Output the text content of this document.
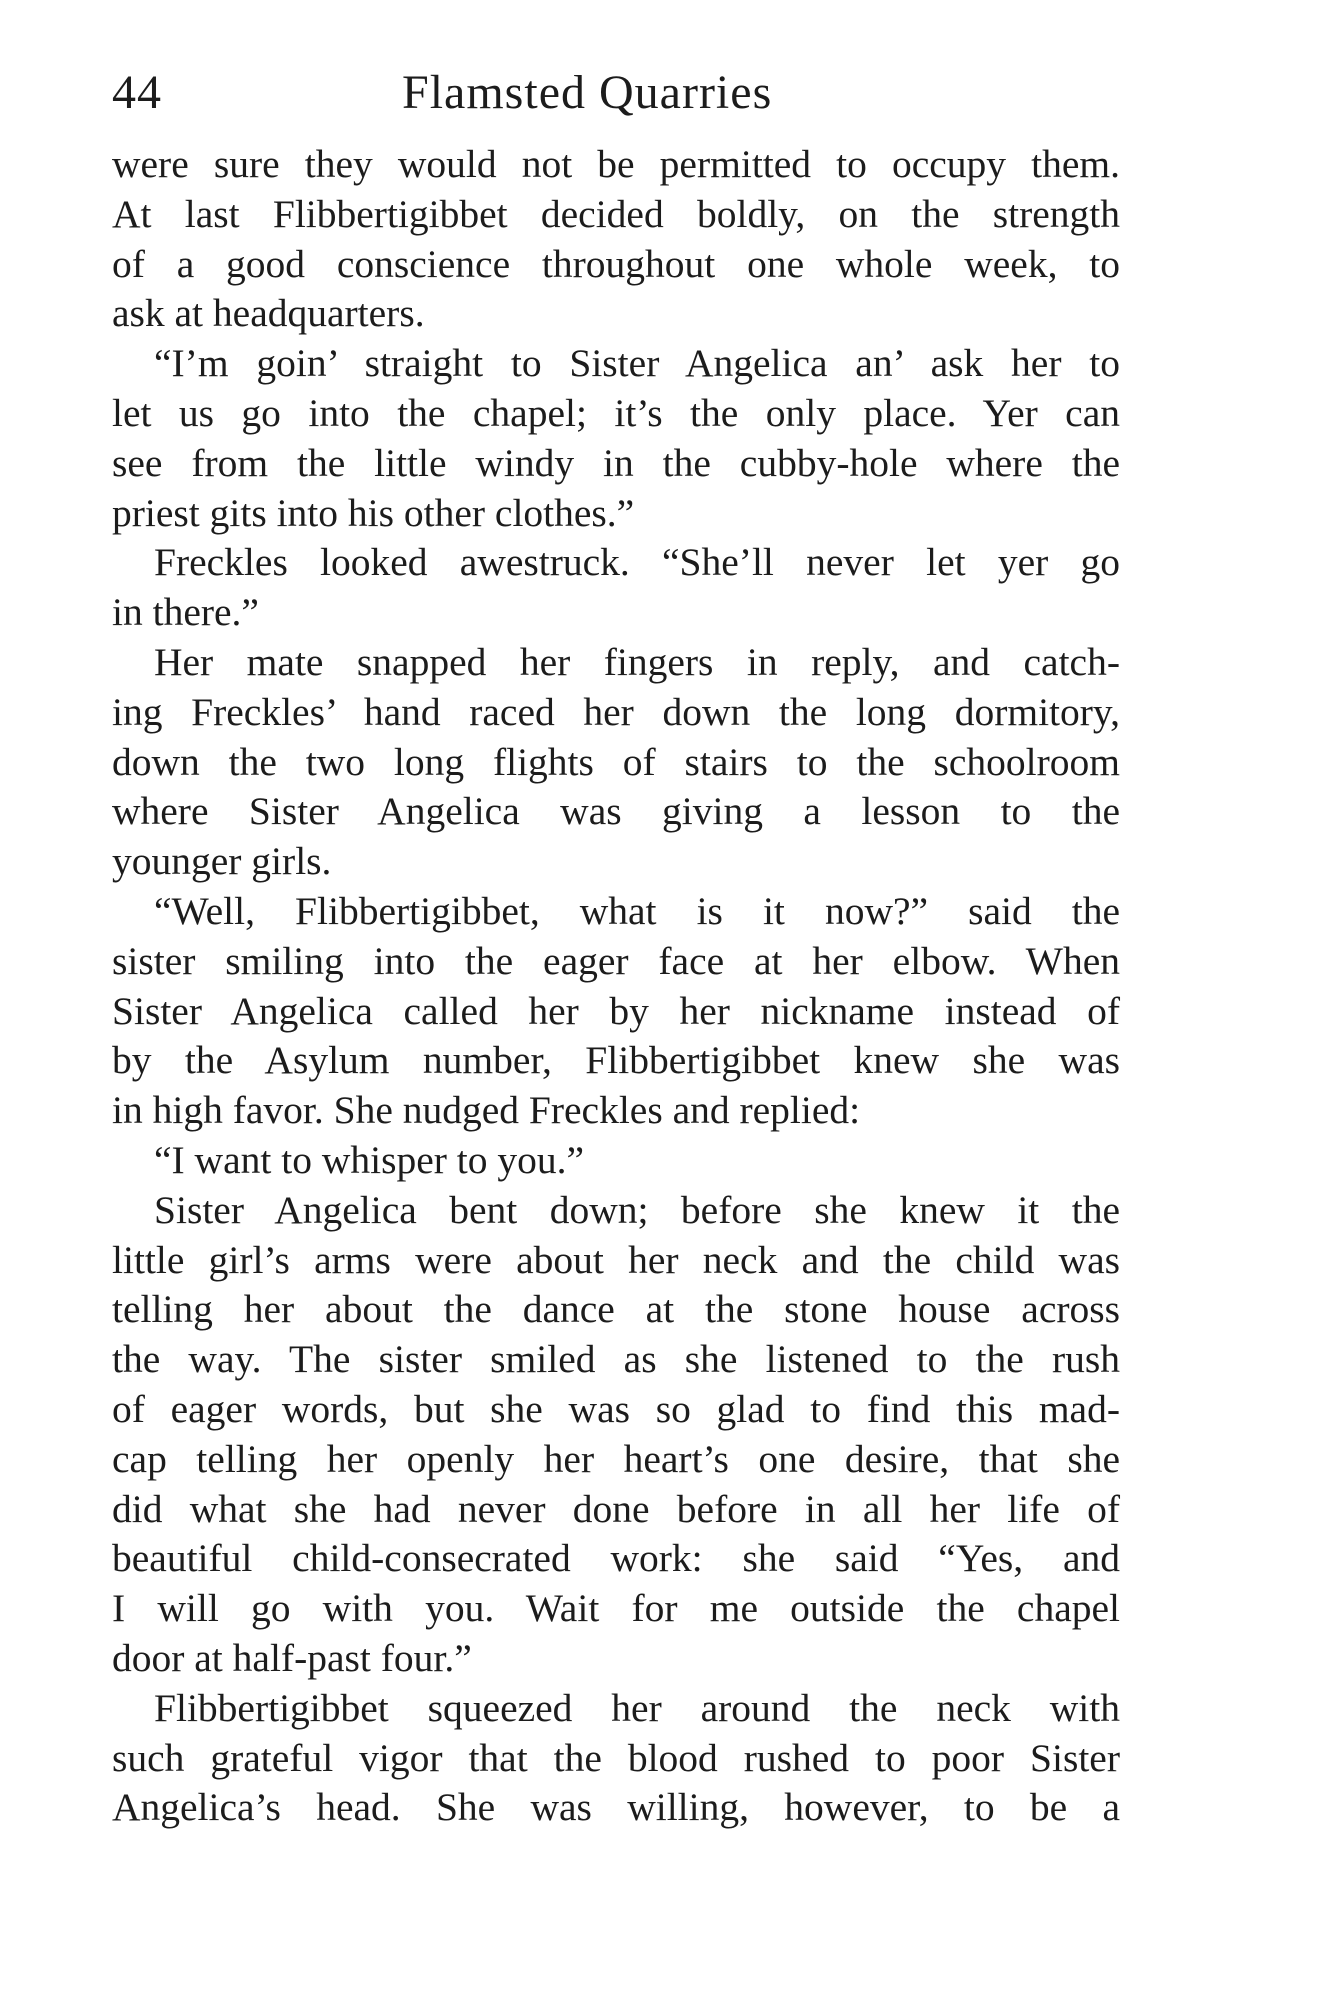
44	Flamsted Quarries
were sure they would not be permitted to occupy them.
At last Flibbertigibbet decided boldly, on the strength
of a good conscience throughout one whole week, to
ask at headquarters.
“I’m goin’ straight to Sister Angelica an’ ask her to
let us go into the chapel; it’s the only place. Yer can
see from the little windy in the cubby-hole where the
priest gits into his other clothes.”
Freckles looked awestruck. “She’ll never let yer go
in there.”
Her mate snapped her fingers in reply, and catch-
ing Freckles’ hand raced her down the long dormitory,
down the two long flights of stairs to the schoolroom
where Sister Angelica was giving a lesson to the
younger girls.
“Well, Flibbertigibbet, what is it now?” said the
sister smiling into the eager face at her elbow. When
Sister Angelica called her by her nickname instead of
by the Asylum number, Flibbertigibbet knew she was
in high favor. She nudged Freckles and replied:
“I want to whisper to you.”
Sister Angelica bent down; before she knew it the
little girl’s arms were about her neck and the child was
telling her about the dance at the stone house across
the way. The sister smiled as she listened to the rush
of eager words, but she was so glad to find this mad-
cap telling her openly her heart’s one desire, that she
did what she had never done before in all her life of
beautiful child-consecrated work: she said “Yes, and
I will go with you. Wait for me outside the chapel
door at half-past four.”
Flibbertigibbet squeezed her around the neck with
such grateful vigor that the blood rushed to poor Sister
Angelica’s head. She was willing, however, to be a
